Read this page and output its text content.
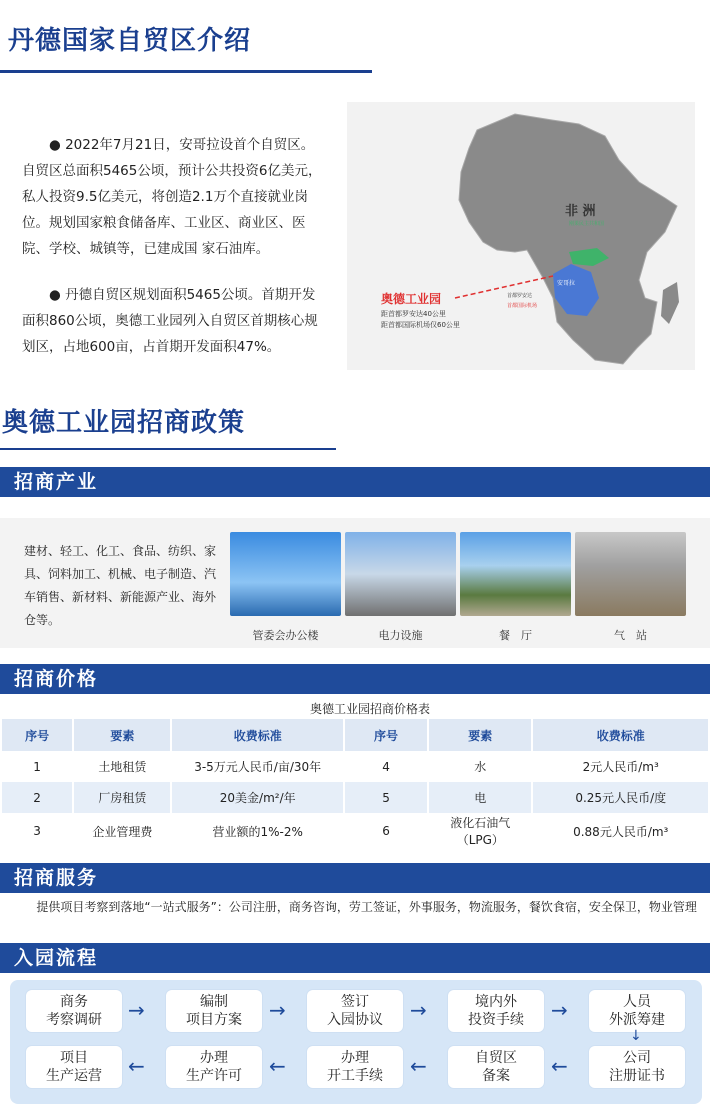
丹德国家自贸区介绍
● 2022年7月21日，安哥拉设首个自贸区。自贸区总面积5465公顷，预计公共投资6亿美元，私人投资9.5亿美元，将创造2.1万个直接就业岗位。规划国家粮食储备库、工业区、商业区、医院、学校、城镇等，已建成国 家石油库。
● 丹德自贸区规划面积5465公顷。首期开发面积860公顷，奥德工业园列入自贸区首期核心规划区，占地600亩，占首期开发面积47%。
非 洲
奥德工业园
距首都罗安达40公里
距首都国际机场仅60公里
安哥拉
首都罗安达
首都国际机场
刚果民主共和国
奥德工业园招商政策
招商产业
建材、轻工、化工、食品、纺织、家具、饲料加工、机械、电子制造、汽车销售、新材料、新能源产业、海外仓等。
管委会办公楼	电力设施	餐　厅	气　站
招商价格
奥德工业园招商价格表
序号	要素	收费标准	序号	要素	收费标准
1	土地租赁	3-5万元人民币/亩/30年	4	水	2元人民币/m³
2	厂房租赁	20美金/m²/年	5	电	0.25元人民币/度
3	企业管理费	营业额的1%-2%	6	液化石油气（LPG）	0.88元人民币/m³
招商服务
提供项目考察到落地“一站式服务”：公司注册，商务咨询，劳工签证，外事服务，物流服务，餐饮食宿，安全保卫，物业管理
入园流程
商务
考察调研 →	编制
项目方案 →	签订
入园协议 →	境内外
投资手续 →	人员
外派筹建
↓
项目
生产运营 ←	办理
生产许可 ←	办理
开工手续 ←	自贸区
备案	←	公司
注册证书
